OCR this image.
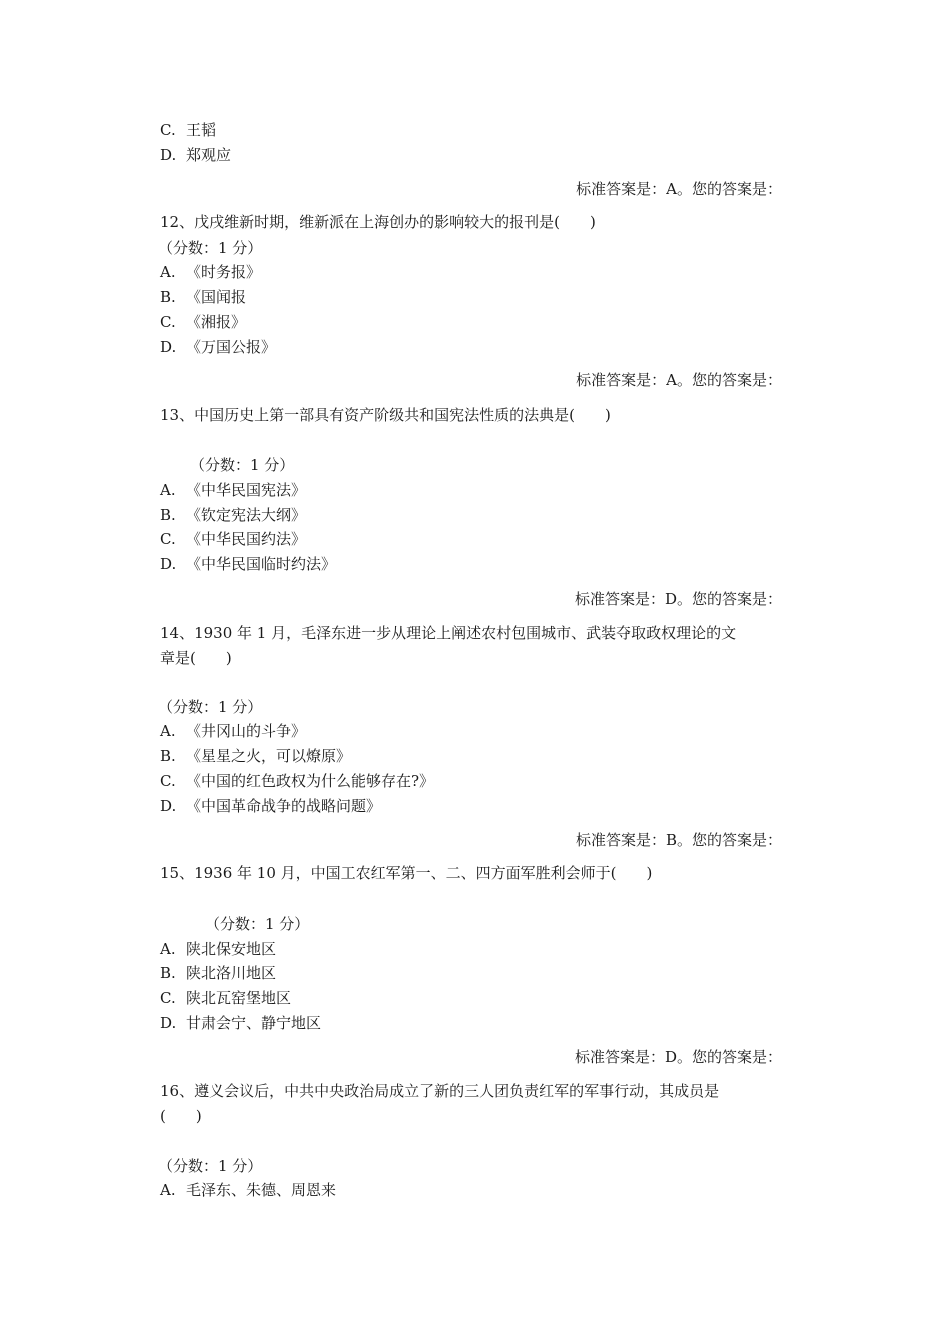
C. 王韬
D. 郑观应
标准答案是：A。您的答案是：
12、戊戌维新时期，维新派在上海创办的影响较大的报刊是(　　)
（分数：1 分）
A. 《时务报》
B. 《国闻报
C. 《湘报》
D. 《万国公报》
标准答案是：A。您的答案是：
13、中国历史上第一部具有资产阶级共和国宪法性质的法典是(　　)
（分数：1 分）
A. 《中华民国宪法》
B. 《钦定宪法大纲》
C. 《中华民国约法》
D. 《中华民国临时约法》
标准答案是：D。您的答案是：
14、1930 年 1 月，毛泽东进一步从理论上阐述农村包围城市、武装夺取政权理论的文
章是(　　)
（分数：1 分）
A. 《井冈山的斗争》
B. 《星星之火，可以燎原》
C. 《中国的红色政权为什么能够存在?》
D. 《中国革命战争的战略问题》
标准答案是：B。您的答案是：
15、1936 年 10 月，中国工农红军第一、二、四方面军胜利会师于(　　)
（分数：1 分）
A. 陕北保安地区
B. 陕北洛川地区
C. 陕北瓦窑堡地区
D. 甘肃会宁、静宁地区
标准答案是：D。您的答案是：
16、遵义会议后，中共中央政治局成立了新的三人团负责红军的军事行动，其成员是
(　　)
（分数：1 分）
A. 毛泽东、朱德、周恩来
